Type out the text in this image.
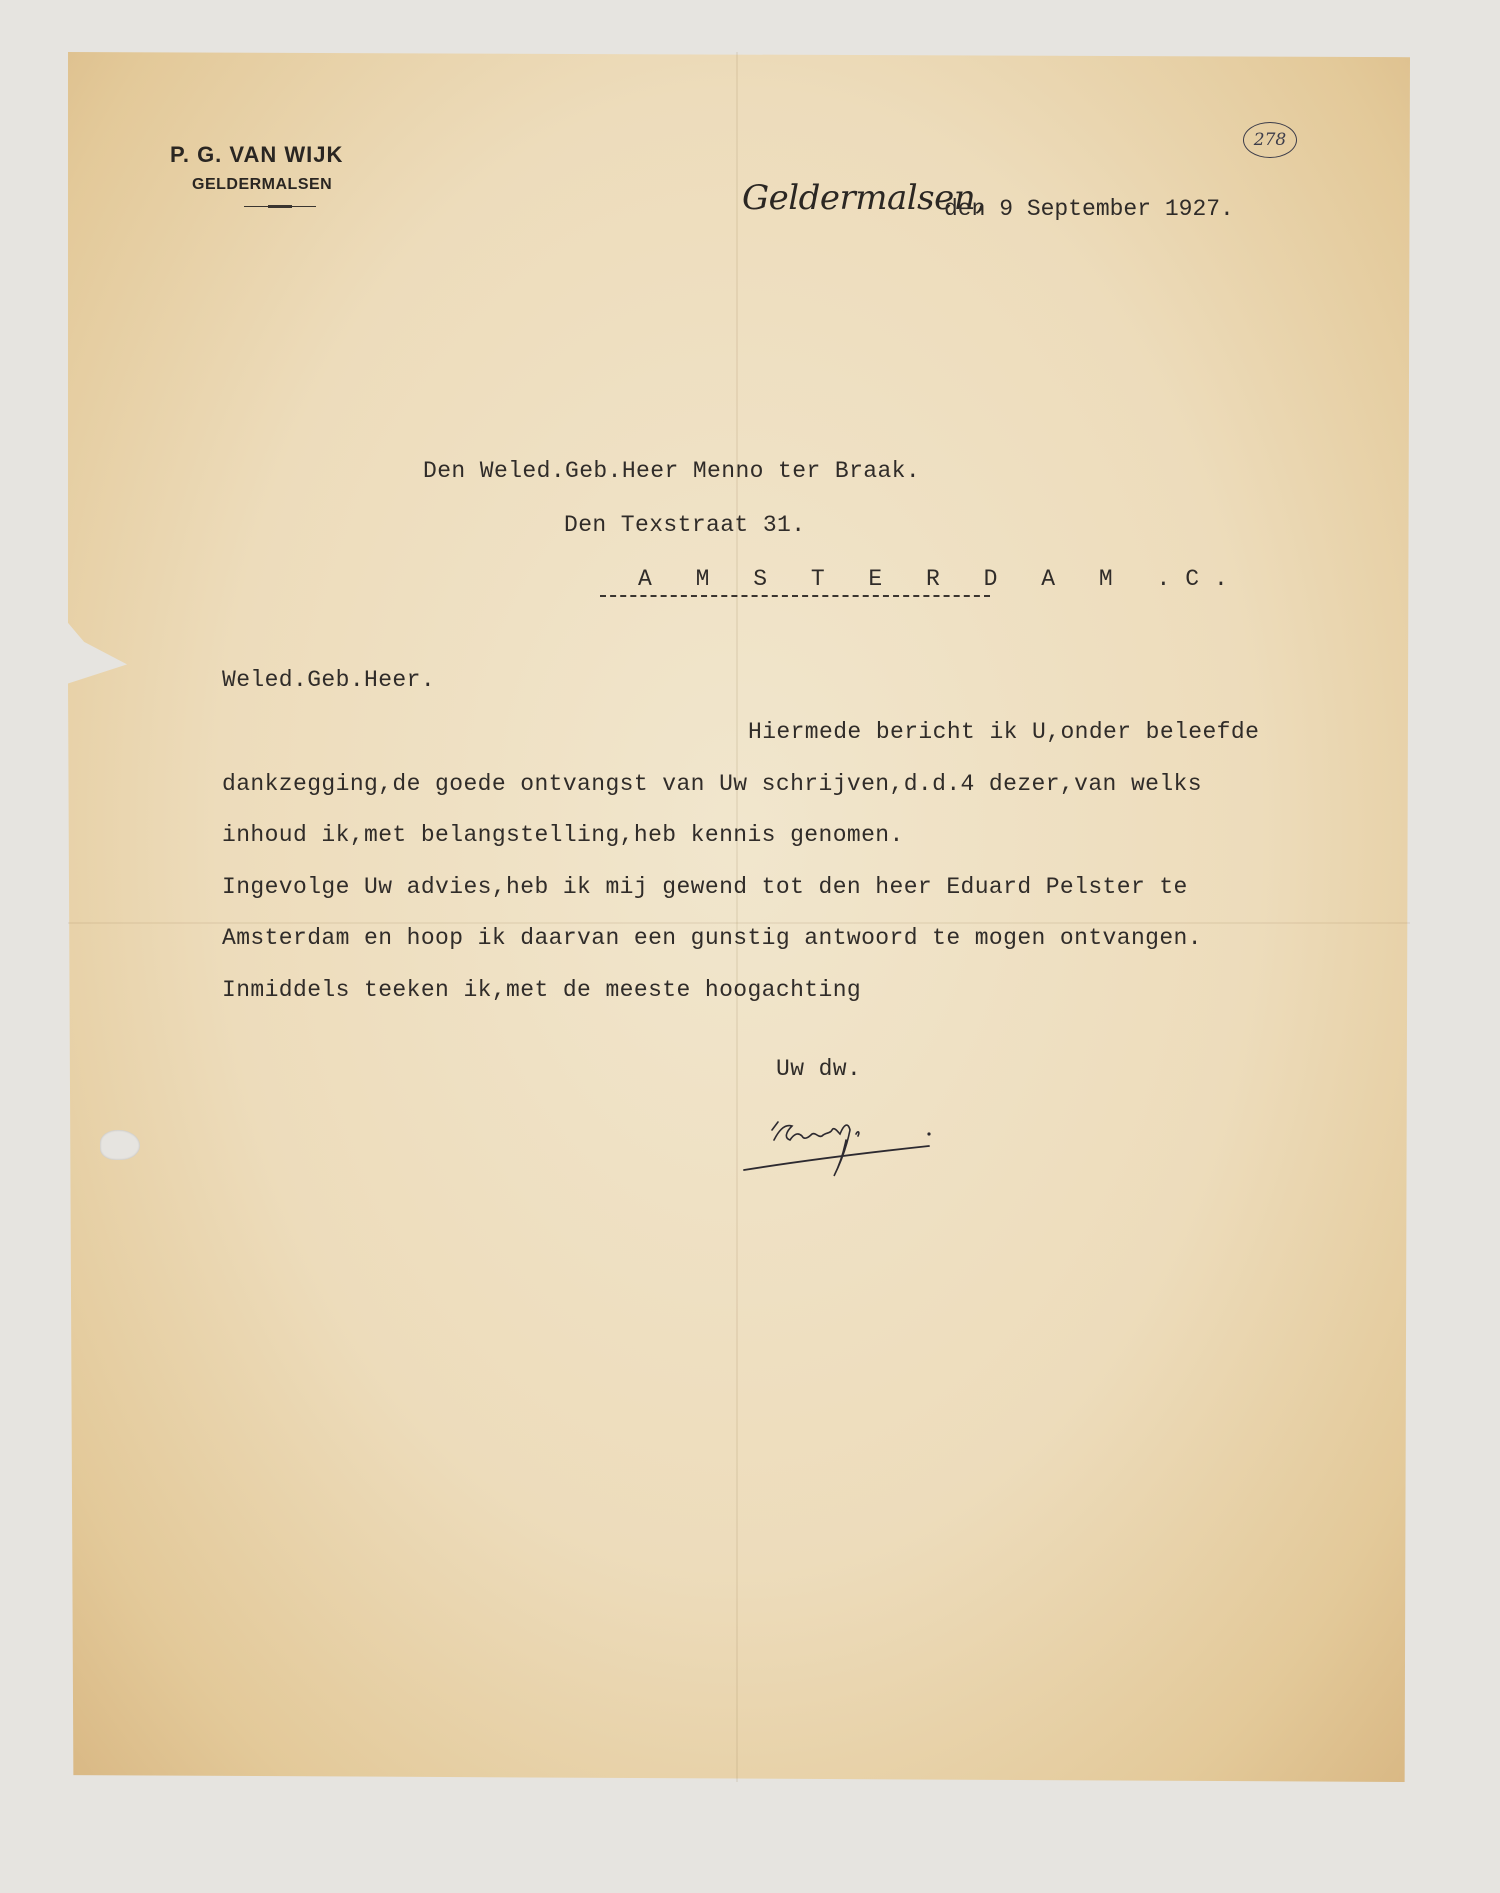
P. G. VAN WIJK
GELDERMALSEN
278
Geldermalsen,
den 9 September 1927.
Den Weled.Geb.Heer Menno ter Braak.
Den Texstraat 31.
A M S T E R D A M .C.
Weled.Geb.Heer.
Hiermede bericht ik U,onder beleefde
dankzegging,de goede ontvangst van Uw schrijven,d.d.4 dezer,van welks
inhoud ik,met belangstelling,heb kennis genomen.
Ingevolge Uw advies,heb ik mij gewend tot den heer Eduard Pelster te
Amsterdam en hoop ik daarvan een gunstig antwoord te mogen ontvangen.
Inmiddels teeken ik,met de meeste hoogachting
Uw dw.
